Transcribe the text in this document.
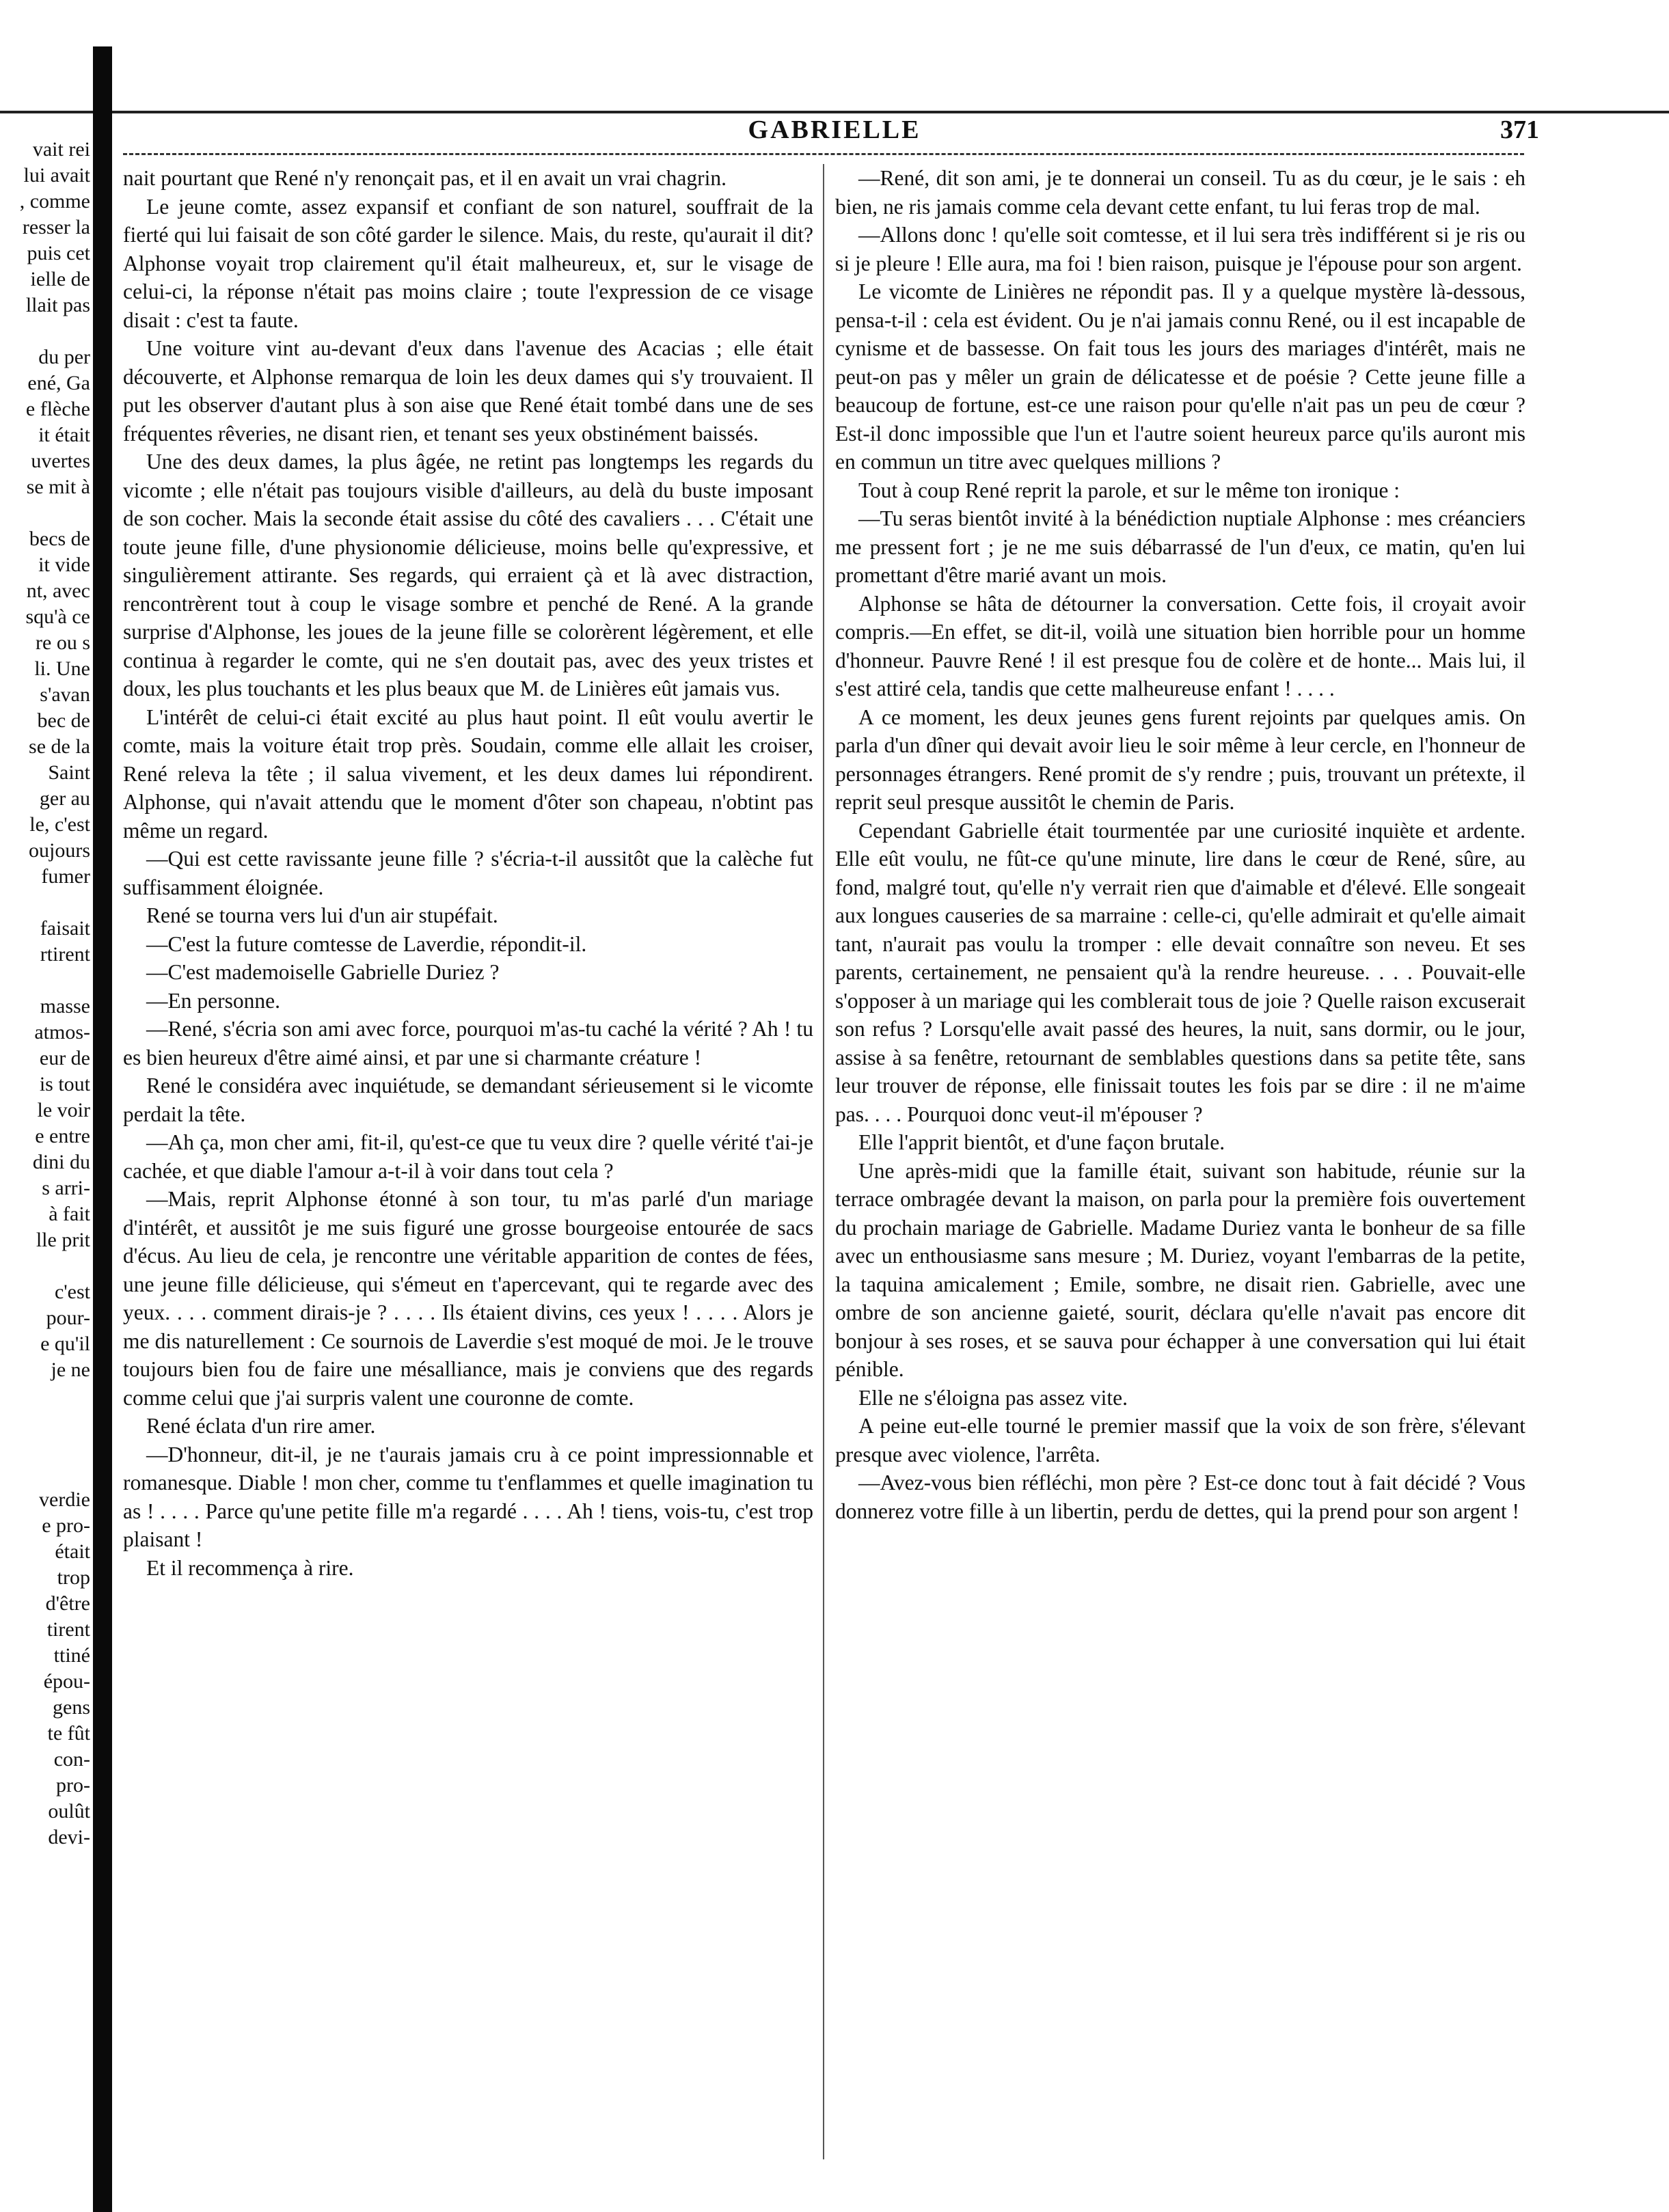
GABRIELLE	371
vait rei
lui avait
, comme
resser la
puis cet
ielle de
llait pas
du per
ené, Ga
e flèche
it était
uvertes
se mit à
becs de
it vide
nt, avec
squ'à ce
re ou s
li. Une
s'avan
bec de
se de la
Saint
ger au
le, c'est
oujours
fumer
faisait
rtirent
masse
atmos-
eur de
is tout
le voir
e entre
dini du
s arri-
à fait
lle prit
c'est
pour-
e qu'il
je ne
verdie
e pro-
était
trop
d'être
tirent
ttiné
épou-
gens
te fût
con-
pro-
oulût
devi-

nait pourtant que René n'y renonçait pas, et il en avait un vrai chagrin.

Le jeune comte, assez expansif et confiant de son naturel, souffrait de la fierté qui lui faisait de son côté garder le silence. Mais, du reste, qu'aurait il dit? Alphonse voyait trop clairement qu'il était malheureux, et, sur le visage de celui-ci, la réponse n'était pas moins claire ; toute l'expression de ce visage disait : c'est ta faute.

Une voiture vint au-devant d'eux dans l'avenue des Acacias ; elle était découverte, et Alphonse remarqua de loin les deux dames qui s'y trouvaient. Il put les observer d'autant plus à son aise que René était tombé dans une de ses fréquentes rêveries, ne disant rien, et tenant ses yeux obstinément baissés.

Une des deux dames, la plus âgée, ne retint pas longtemps les regards du vicomte ; elle n'était pas toujours visible d'ailleurs, au delà du buste imposant de son cocher. Mais la seconde était assise du côté des cavaliers . . . C'était une toute jeune fille, d'une physionomie délicieuse, moins belle qu'expressive, et singulièrement attirante. Ses regards, qui erraient çà et là avec distraction, rencontrèrent tout à coup le visage sombre et penché de René. A la grande surprise d'Alphonse, les joues de la jeune fille se colorèrent légèrement, et elle continua à regarder le comte, qui ne s'en doutait pas, avec des yeux tristes et doux, les plus touchants et les plus beaux que M. de Linières eût jamais vus.

L'intérêt de celui-ci était excité au plus haut point. Il eût voulu avertir le comte, mais la voiture était trop près. Soudain, comme elle allait les croiser, René releva la tête ; il salua vivement, et les deux dames lui répondirent. Alphonse, qui n'avait attendu que le moment d'ôter son chapeau, n'obtint pas même un regard.

—Qui est cette ravissante jeune fille ? s'écria-t-il aussitôt que la calèche fut suffisamment éloignée.

René se tourna vers lui d'un air stupéfait.

—C'est la future comtesse de Laverdie, répondit-il.

—C'est mademoiselle Gabrielle Duriez ?

—En personne.

—René, s'écria son ami avec force, pourquoi m'as-tu caché la vérité ? Ah ! tu es bien heureux d'être aimé ainsi, et par une si charmante créature !

René le considéra avec inquiétude, se demandant sérieusement si le vicomte perdait la tête.

—Ah ça, mon cher ami, fit-il, qu'est-ce que tu veux dire ? quelle vérité t'ai-je cachée, et que diable l'amour a-t-il à voir dans tout cela ?

—Mais, reprit Alphonse étonné à son tour, tu m'as parlé d'un mariage d'intérêt, et aussitôt je me suis figuré une grosse bourgeoise entourée de sacs d'écus. Au lieu de cela, je rencontre une véritable apparition de contes de fées, une jeune fille délicieuse, qui s'émeut en t'apercevant, qui te regarde avec des yeux. . . . comment dirais-je ? . . . . Ils étaient divins, ces yeux ! . . . . Alors je me dis naturellement : Ce sournois de Laverdie s'est moqué de moi. Je le trouve toujours bien fou de faire une mésalliance, mais je conviens que des regards comme celui que j'ai surpris valent une couronne de comte.

René éclata d'un rire amer.

—D'honneur, dit-il, je ne t'aurais jamais cru à ce point impressionnable et romanesque. Diable ! mon cher, comme tu t'enflammes et quelle imagination tu as ! . . . . Parce qu'une petite fille m'a regardé . . . . Ah ! tiens, vois-tu, c'est trop plaisant !

Et il recommença à rire.

—René, dit son ami, je te donnerai un conseil. Tu as du cœur, je le sais : eh bien, ne ris jamais comme cela devant cette enfant, tu lui feras trop de mal.

—Allons donc ! qu'elle soit comtesse, et il lui sera très indifférent si je ris ou si je pleure ! Elle aura, ma foi ! bien raison, puisque je l'épouse pour son argent.

Le vicomte de Linières ne répondit pas. Il y a quelque mystère là-dessous, pensa-t-il : cela est évident. Ou je n'ai jamais connu René, ou il est incapable de cynisme et de bassesse. On fait tous les jours des mariages d'intérêt, mais ne peut-on pas y mêler un grain de délicatesse et de poésie ? Cette jeune fille a beaucoup de fortune, est-ce une raison pour qu'elle n'ait pas un peu de cœur ? Est-il donc impossible que l'un et l'autre soient heureux parce qu'ils auront mis en commun un titre avec quelques millions ?

Tout à coup René reprit la parole, et sur le même ton ironique :

—Tu seras bientôt invité à la bénédiction nuptiale Alphonse : mes créanciers me pressent fort ; je ne me suis débarrassé de l'un d'eux, ce matin, qu'en lui promettant d'être marié avant un mois.

Alphonse se hâta de détourner la conversation. Cette fois, il croyait avoir compris.—En effet, se dit-il, voilà une situation bien horrible pour un homme d'honneur. Pauvre René ! il est presque fou de colère et de honte... Mais lui, il s'est attiré cela, tandis que cette malheureuse enfant ! . . . .

A ce moment, les deux jeunes gens furent rejoints par quelques amis. On parla d'un dîner qui devait avoir lieu le soir même à leur cercle, en l'honneur de personnages étrangers. René promit de s'y rendre ; puis, trouvant un prétexte, il reprit seul presque aussitôt le chemin de Paris.

Cependant Gabrielle était tourmentée par une curiosité inquiète et ardente. Elle eût voulu, ne fût-ce qu'une minute, lire dans le cœur de René, sûre, au fond, malgré tout, qu'elle n'y verrait rien que d'aimable et d'élevé. Elle songeait aux longues causeries de sa marraine : celle-ci, qu'elle admirait et qu'elle aimait tant, n'aurait pas voulu la tromper : elle devait connaître son neveu. Et ses parents, certainement, ne pensaient qu'à la rendre heureuse. . . . Pouvait-elle s'opposer à un mariage qui les comblerait tous de joie ? Quelle raison excuserait son refus ? Lorsqu'elle avait passé des heures, la nuit, sans dormir, ou le jour, assise à sa fenêtre, retournant de semblables questions dans sa petite tête, sans leur trouver de réponse, elle finissait toutes les fois par se dire : il ne m'aime pas. . . . Pourquoi donc veut-il m'épouser ?

Elle l'apprit bientôt, et d'une façon brutale.

Une après-midi que la famille était, suivant son habitude, réunie sur la terrace ombragée devant la maison, on parla pour la première fois ouvertement du prochain mariage de Gabrielle. Madame Duriez vanta le bonheur de sa fille avec un enthousiasme sans mesure ; M. Duriez, voyant l'embarras de la petite, la taquina amicalement ; Emile, sombre, ne disait rien. Gabrielle, avec une ombre de son ancienne gaieté, sourit, déclara qu'elle n'avait pas encore dit bonjour à ses roses, et se sauva pour échapper à une conversation qui lui était pénible.

Elle ne s'éloigna pas assez vite.

A peine eut-elle tourné le premier massif que la voix de son frère, s'élevant presque avec violence, l'arrêta.

—Avez-vous bien réfléchi, mon père ? Est-ce donc tout à fait décidé ? Vous donnerez votre fille à un libertin, perdu de dettes, qui la prend pour son argent !
